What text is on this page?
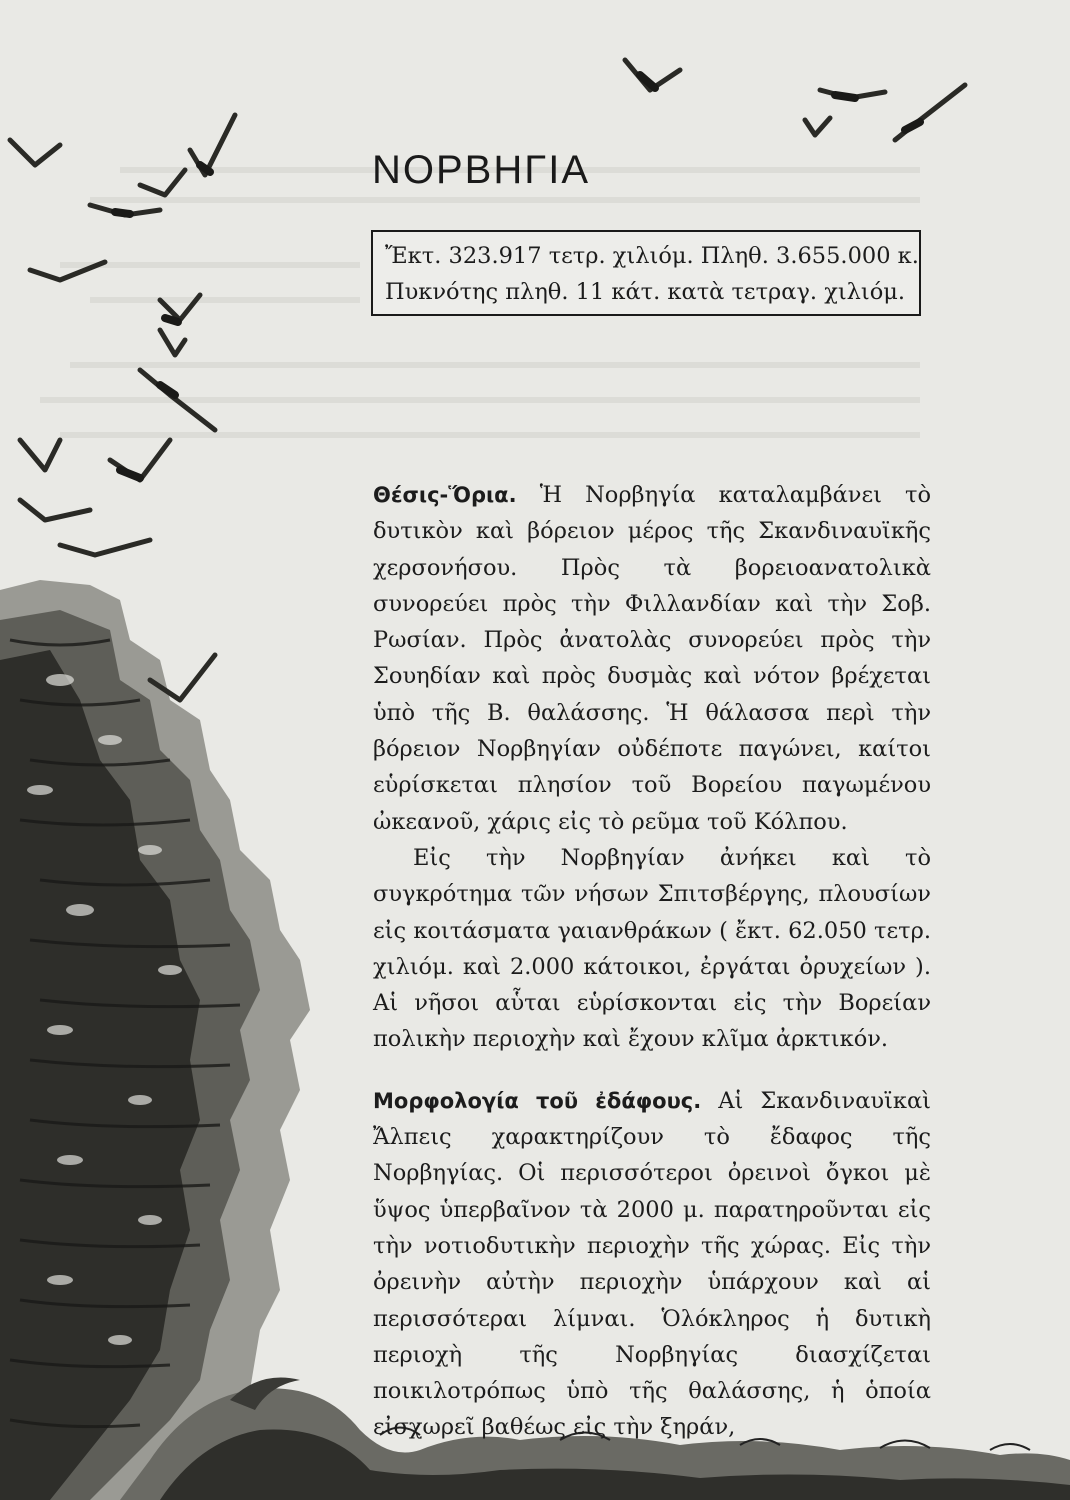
ΝΟΡΒΗΓΙΑ
Ἔκτ. 323.917 τετρ. χιλιόμ. Πληθ. 3.655.000 κ.
Πυκνότης πληθ. 11 κάτ. κατὰ τετραγ. χιλιόμ.

Θέσις-Ὅρια. Ἡ Νορβηγία καταλαμβάνει τὸ δυτικὸν καὶ βόρειον μέρος τῆς Σκανδιναυϊκῆς χερσονήσου. Πρὸς τὰ βορειοανατολικὰ συνορεύει πρὸς τὴν Φιλλανδίαν καὶ τὴν Σοβ. Ρωσίαν. Πρὸς ἀνατολὰς συνορεύει πρὸς τὴν Σουηδίαν καὶ πρὸς δυσμὰς καὶ νότον βρέχεται ὑπὸ τῆς Β. θαλάσσης. Ἡ θάλασσα περὶ τὴν βόρειον Νορβηγίαν οὐδέποτε παγώνει, καίτοι εὑρίσκεται πλησίον τοῦ Βορείου παγωμένου ὠκεανοῦ, χάρις εἰς τὸ ρεῦμα τοῦ Κόλπου.

Εἰς τὴν Νορβηγίαν ἀνήκει καὶ τὸ συγκρότημα τῶν νήσων Σπιτσβέργης, πλουσίων εἰς κοιτάσματα γαιανθράκων ( ἔκτ. 62.050 τετρ. χιλιόμ. καὶ 2.000 κάτοικοι, ἐργάται ὀρυχείων ). Αἱ νῆσοι αὗται εὑρίσκονται εἰς τὴν Βορείαν πολικὴν περιοχὴν καὶ ἔχουν κλῖμα ἀρκτικόν.

Μορφολογία τοῦ ἐδάφους. Αἱ Σκανδιναυϊκαὶ Ἄλπεις χαρακτηρίζουν τὸ ἔδαφος τῆς Νορβηγίας. Οἱ περισσότεροι ὀρεινοὶ ὄγκοι μὲ ὕψος ὑπερβαῖνον τὰ 2000 μ. παρατηροῦνται εἰς τὴν νοτιοδυτικὴν περιοχὴν τῆς χώρας. Εἰς τὴν ὀρεινὴν αὐτὴν περιοχὴν ὑπάρχουν καὶ αἱ περισσότεραι λίμναι. Ὁλόκληρος ἡ δυτικὴ περιοχὴ τῆς Νορβηγίας διασχίζεται ποικιλοτρόπως ὑπὸ τῆς θαλάσσης, ἡ ὁποία εἰσχωρεῖ βαθέως εἰς τὴν ξηράν,
